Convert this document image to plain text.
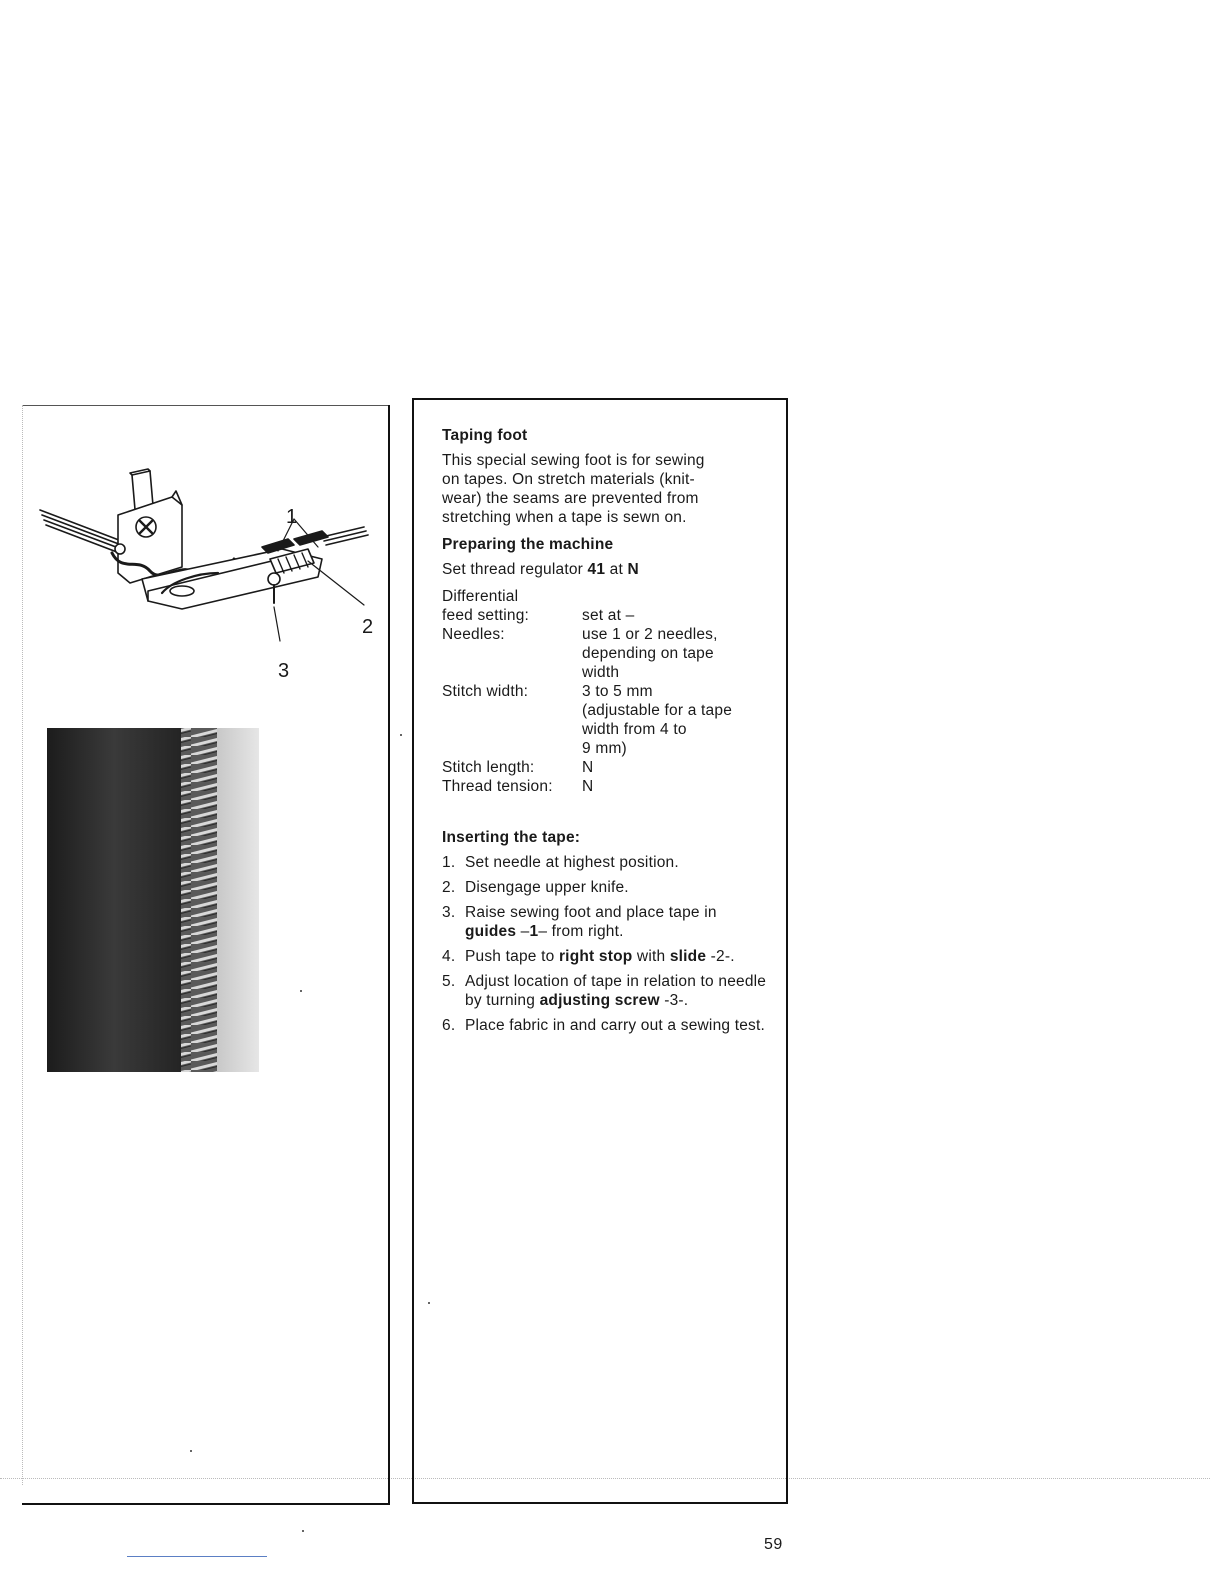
1
2
3
Taping foot
This special sewing foot is for sewing
on tapes. On stretch materials (knit-
wear) the seams are prevented from
stretching when a tape is sewn on.
Preparing the machine
Set thread regulator 41 at N
Differential
feed setting:
	set at –
Needles:	use 1 or 2 needles,
depending on tape
width
Stitch width:	3 to 5 mm
(adjustable for a tape
width from 4 to
9 mm)
Stitch length:	N
Thread tension:	N
Inserting the tape:
1. Set needle at highest position.
2. Disengage upper knife.
3. Raise sewing foot and place tape in guides –1– from right.
4. Push tape to right stop with slide -2-.
5. Adjust location of tape in relation to needle by turning adjusting screw -3-.
6. Place fabric in and carry out a sewing test.
59
